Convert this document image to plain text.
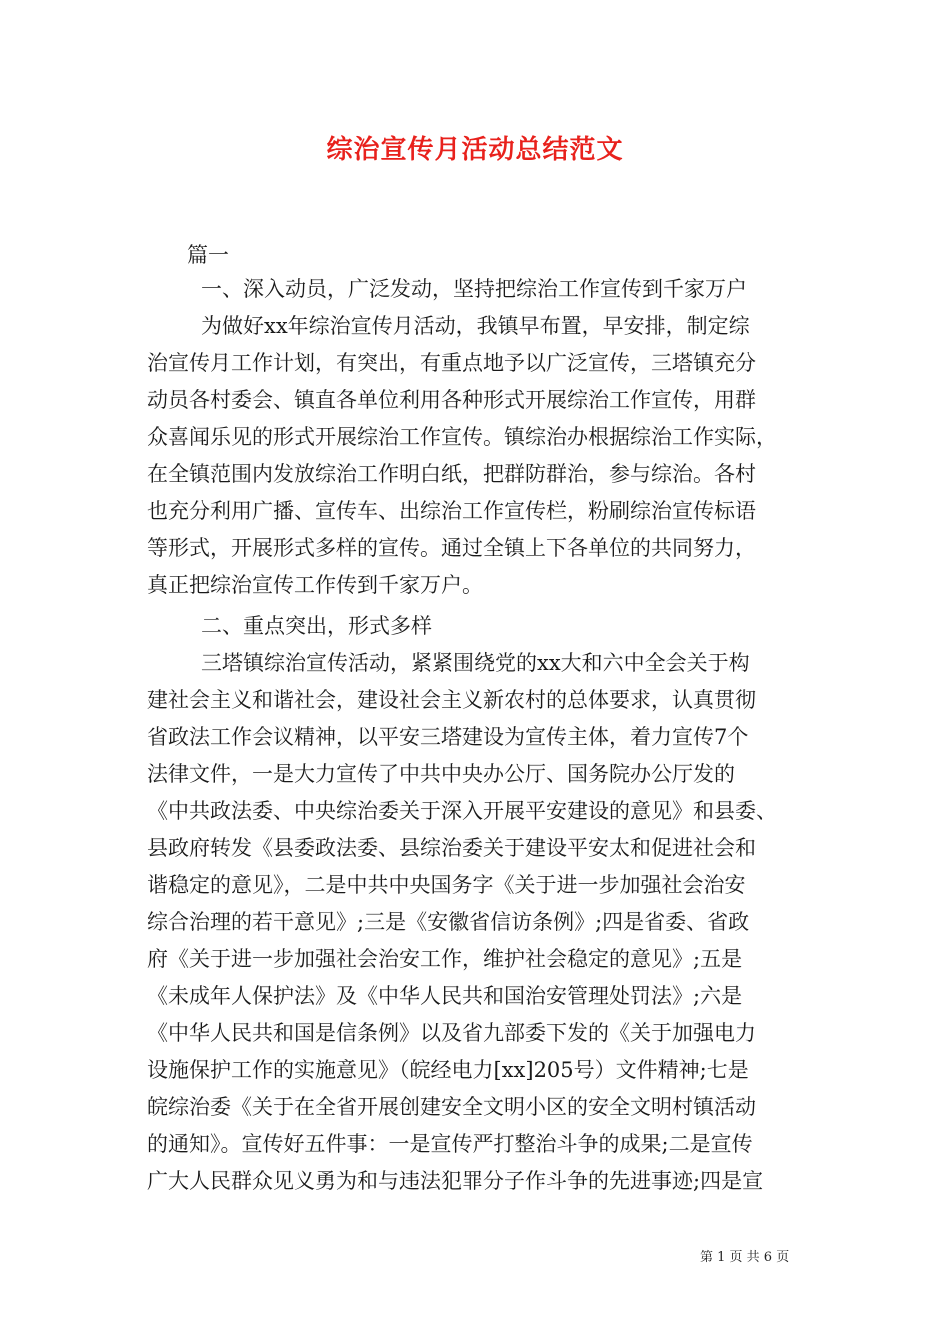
综治宣传月活动总结范文
篇一
一、深入动员，广泛发动，坚持把综治工作宣传到千家万户
为做好xx年综治宣传月活动，我镇早布置，早安排，制定综
治宣传月工作计划，有突出，有重点地予以广泛宣传，三塔镇充分
动员各村委会、镇直各单位利用各种形式开展综治工作宣传，用群
众喜闻乐见的形式开展综治工作宣传。镇综治办根据综治工作实际，
在全镇范围内发放综治工作明白纸，把群防群治，参与综治。各村
也充分利用广播、宣传车、出综治工作宣传栏，粉刷综治宣传标语
等形式，开展形式多样的宣传。通过全镇上下各单位的共同努力，
真正把综治宣传工作传到千家万户。
二、重点突出，形式多样
三塔镇综治宣传活动，紧紧围绕党的xx大和六中全会关于构
建社会主义和谐社会，建设社会主义新农村的总体要求，认真贯彻
省政法工作会议精神，以平安三塔建设为宣传主体，着力宣传7个
法律文件，一是大力宣传了中共中央办公厅、国务院办公厅发的
《中共政法委、中央综治委关于深入开展平安建设的意见》和县委、
县政府转发《县委政法委、县综治委关于建设平安太和促进社会和
谐稳定的意见》，二是中共中央国务字《关于进一步加强社会治安
综合治理的若干意见》;三是《安徽省信访条例》;四是省委、省政
府《关于进一步加强社会治安工作，维护社会稳定的意见》;五是
《未成年人保护法》及《中华人民共和国治安管理处罚法》;六是
《中华人民共和国是信条例》以及省九部委下发的《关于加强电力
设施保护工作的实施意见》（皖经电力[xx]205号）文件精神;七是
皖综治委《关于在全省开展创建安全文明小区的安全文明村镇活动
的通知》。宣传好五件事：一是宣传严打整治斗争的成果;二是宣传
广大人民群众见义勇为和与违法犯罪分子作斗争的先进事迹;四是宣
第 1 页 共 6 页
